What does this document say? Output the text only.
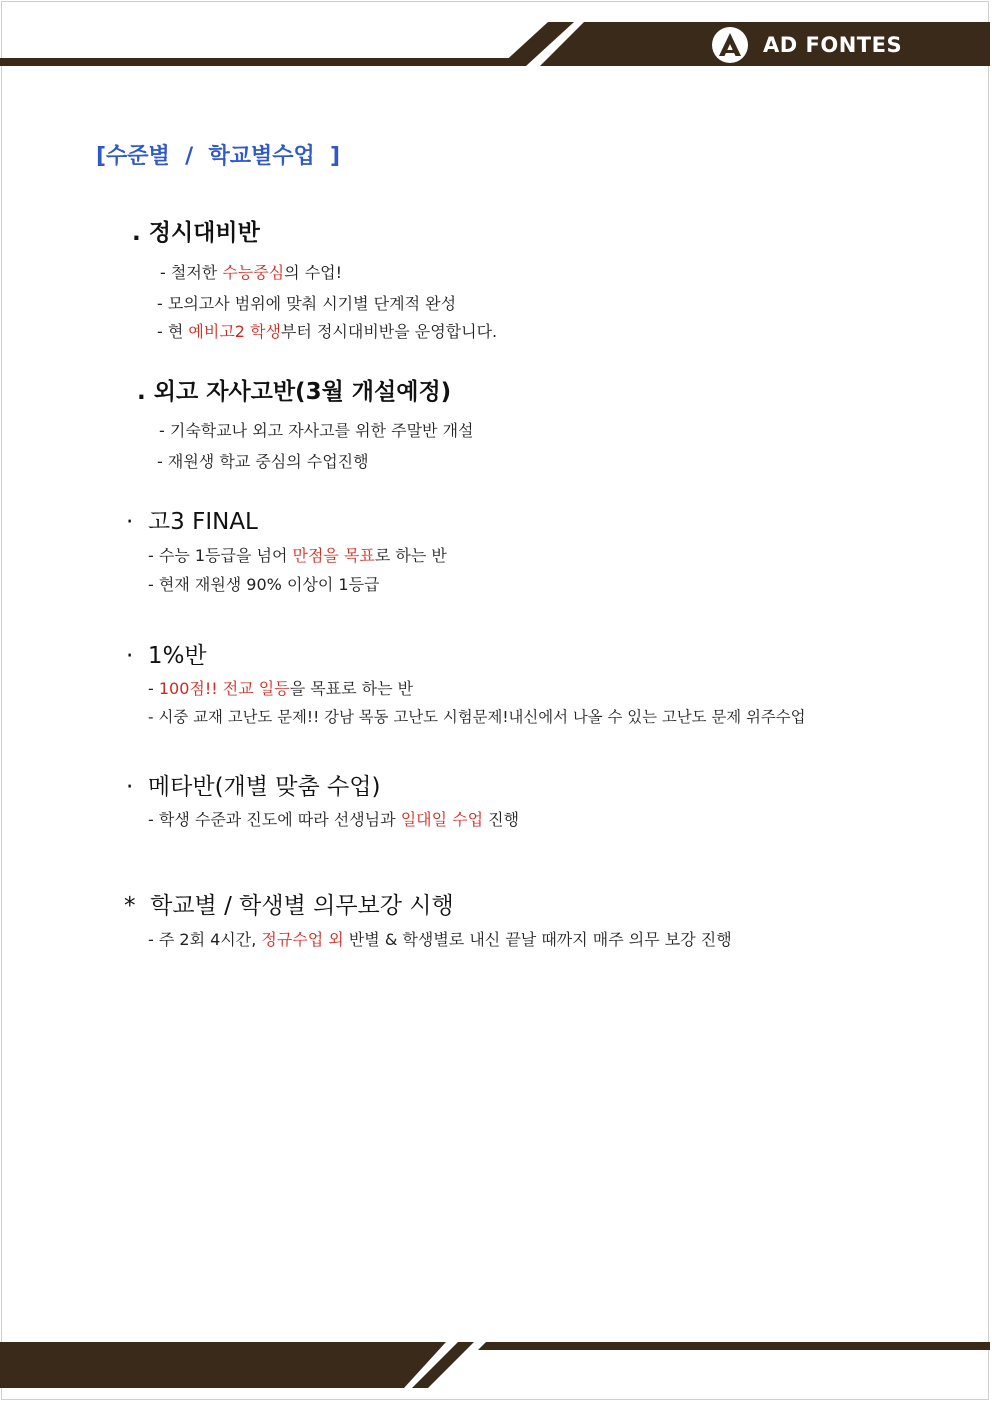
AD FONTES
[수준별  /  학교별수업  ]
. 정시대비반
- 철저한 수능중심의 수업!
- 모의고사 범위에 맞춰 시기별 단계적 완성
- 현 예비고2 학생부터 정시대비반을 운영합니다.
. 외고 자사고반(3월 개설예정)
- 기숙학교나 외고 자사고를 위한 주말반 개설
- 재원생 학교 중심의 수업진행
·  고3 FINAL
- 수능 1등급을 넘어 만점을 목표로 하는 반
- 현재 재원생 90% 이상이 1등급
·  1%반
- 100점!! 전교 일등을 목표로 하는 반
- 시중 교재 고난도 문제!! 강남 목동 고난도 시험문제!내신에서 나올 수 있는 고난도 문제 위주수업
·  메타반(개별 맞춤 수업)
- 학생 수준과 진도에 따라 선생님과 일대일 수업 진행
*  학교별 / 학생별 의무보강 시행
- 주 2회 4시간, 정규수업 외 반별 & 학생별로 내신 끝날 때까지 매주 의무 보강 진행
